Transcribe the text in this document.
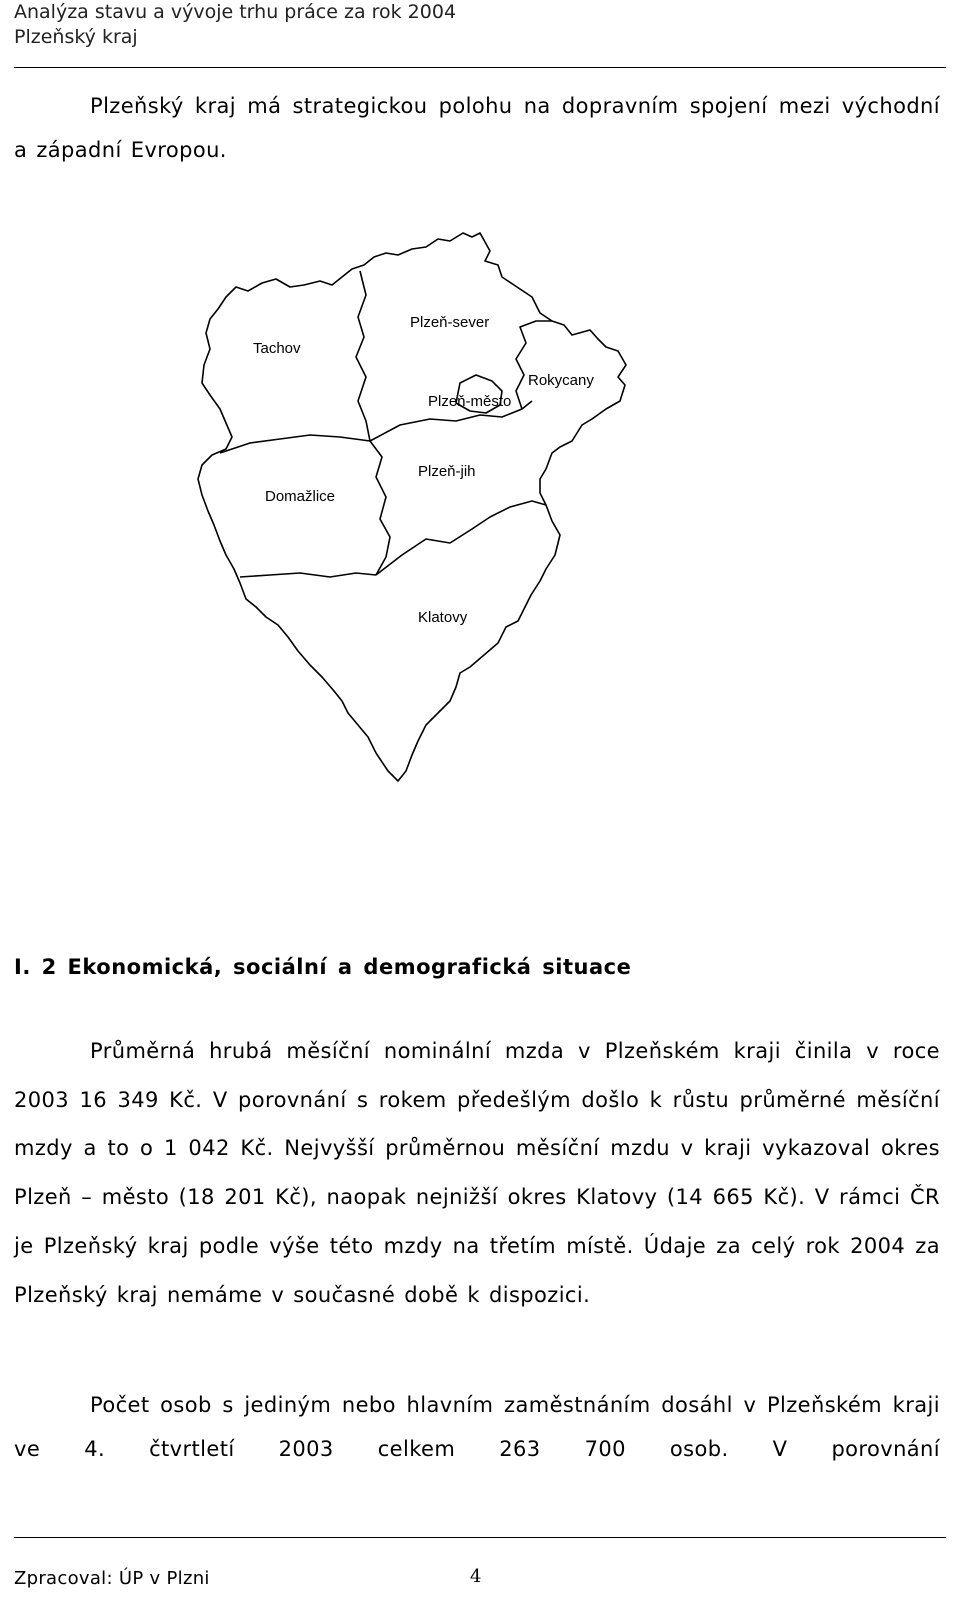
Analýza stavu a vývoje trhu práce za rok 2004
Plzeňský kraj
Plzeňský kraj má strategickou polohu na dopravním spojení mezi východní a západní Evropou.
Tachov
Plzeň-sever
Rokycany
Plzeň-město
Plzeň-jih
Domažlice
Klatovy
I. 2 Ekonomická, sociální a demografická situace
Průměrná hrubá měsíční nominální mzda v Plzeňském kraji činila v roce 2003 16 349 Kč. V porovnání s rokem předešlým došlo k růstu průměrné měsíční mzdy a to o 1 042 Kč. Nejvyšší průměrnou měsíční mzdu v kraji vykazoval okres Plzeň – město (18 201 Kč), naopak nejnižší okres Klatovy (14 665 Kč). V rámci ČR je Plzeňský kraj podle výše této mzdy na třetím místě. Údaje za celý rok 2004 za Plzeňský kraj nemáme v současné době k dispozici.
Počet osob s jediným nebo hlavním zaměstnáním dosáhl v Plzeňském kraji ve 4. čtvrtletí 2003 celkem 263 700 osob. V porovnání
Zpracoval: ÚP v Plzni	4
